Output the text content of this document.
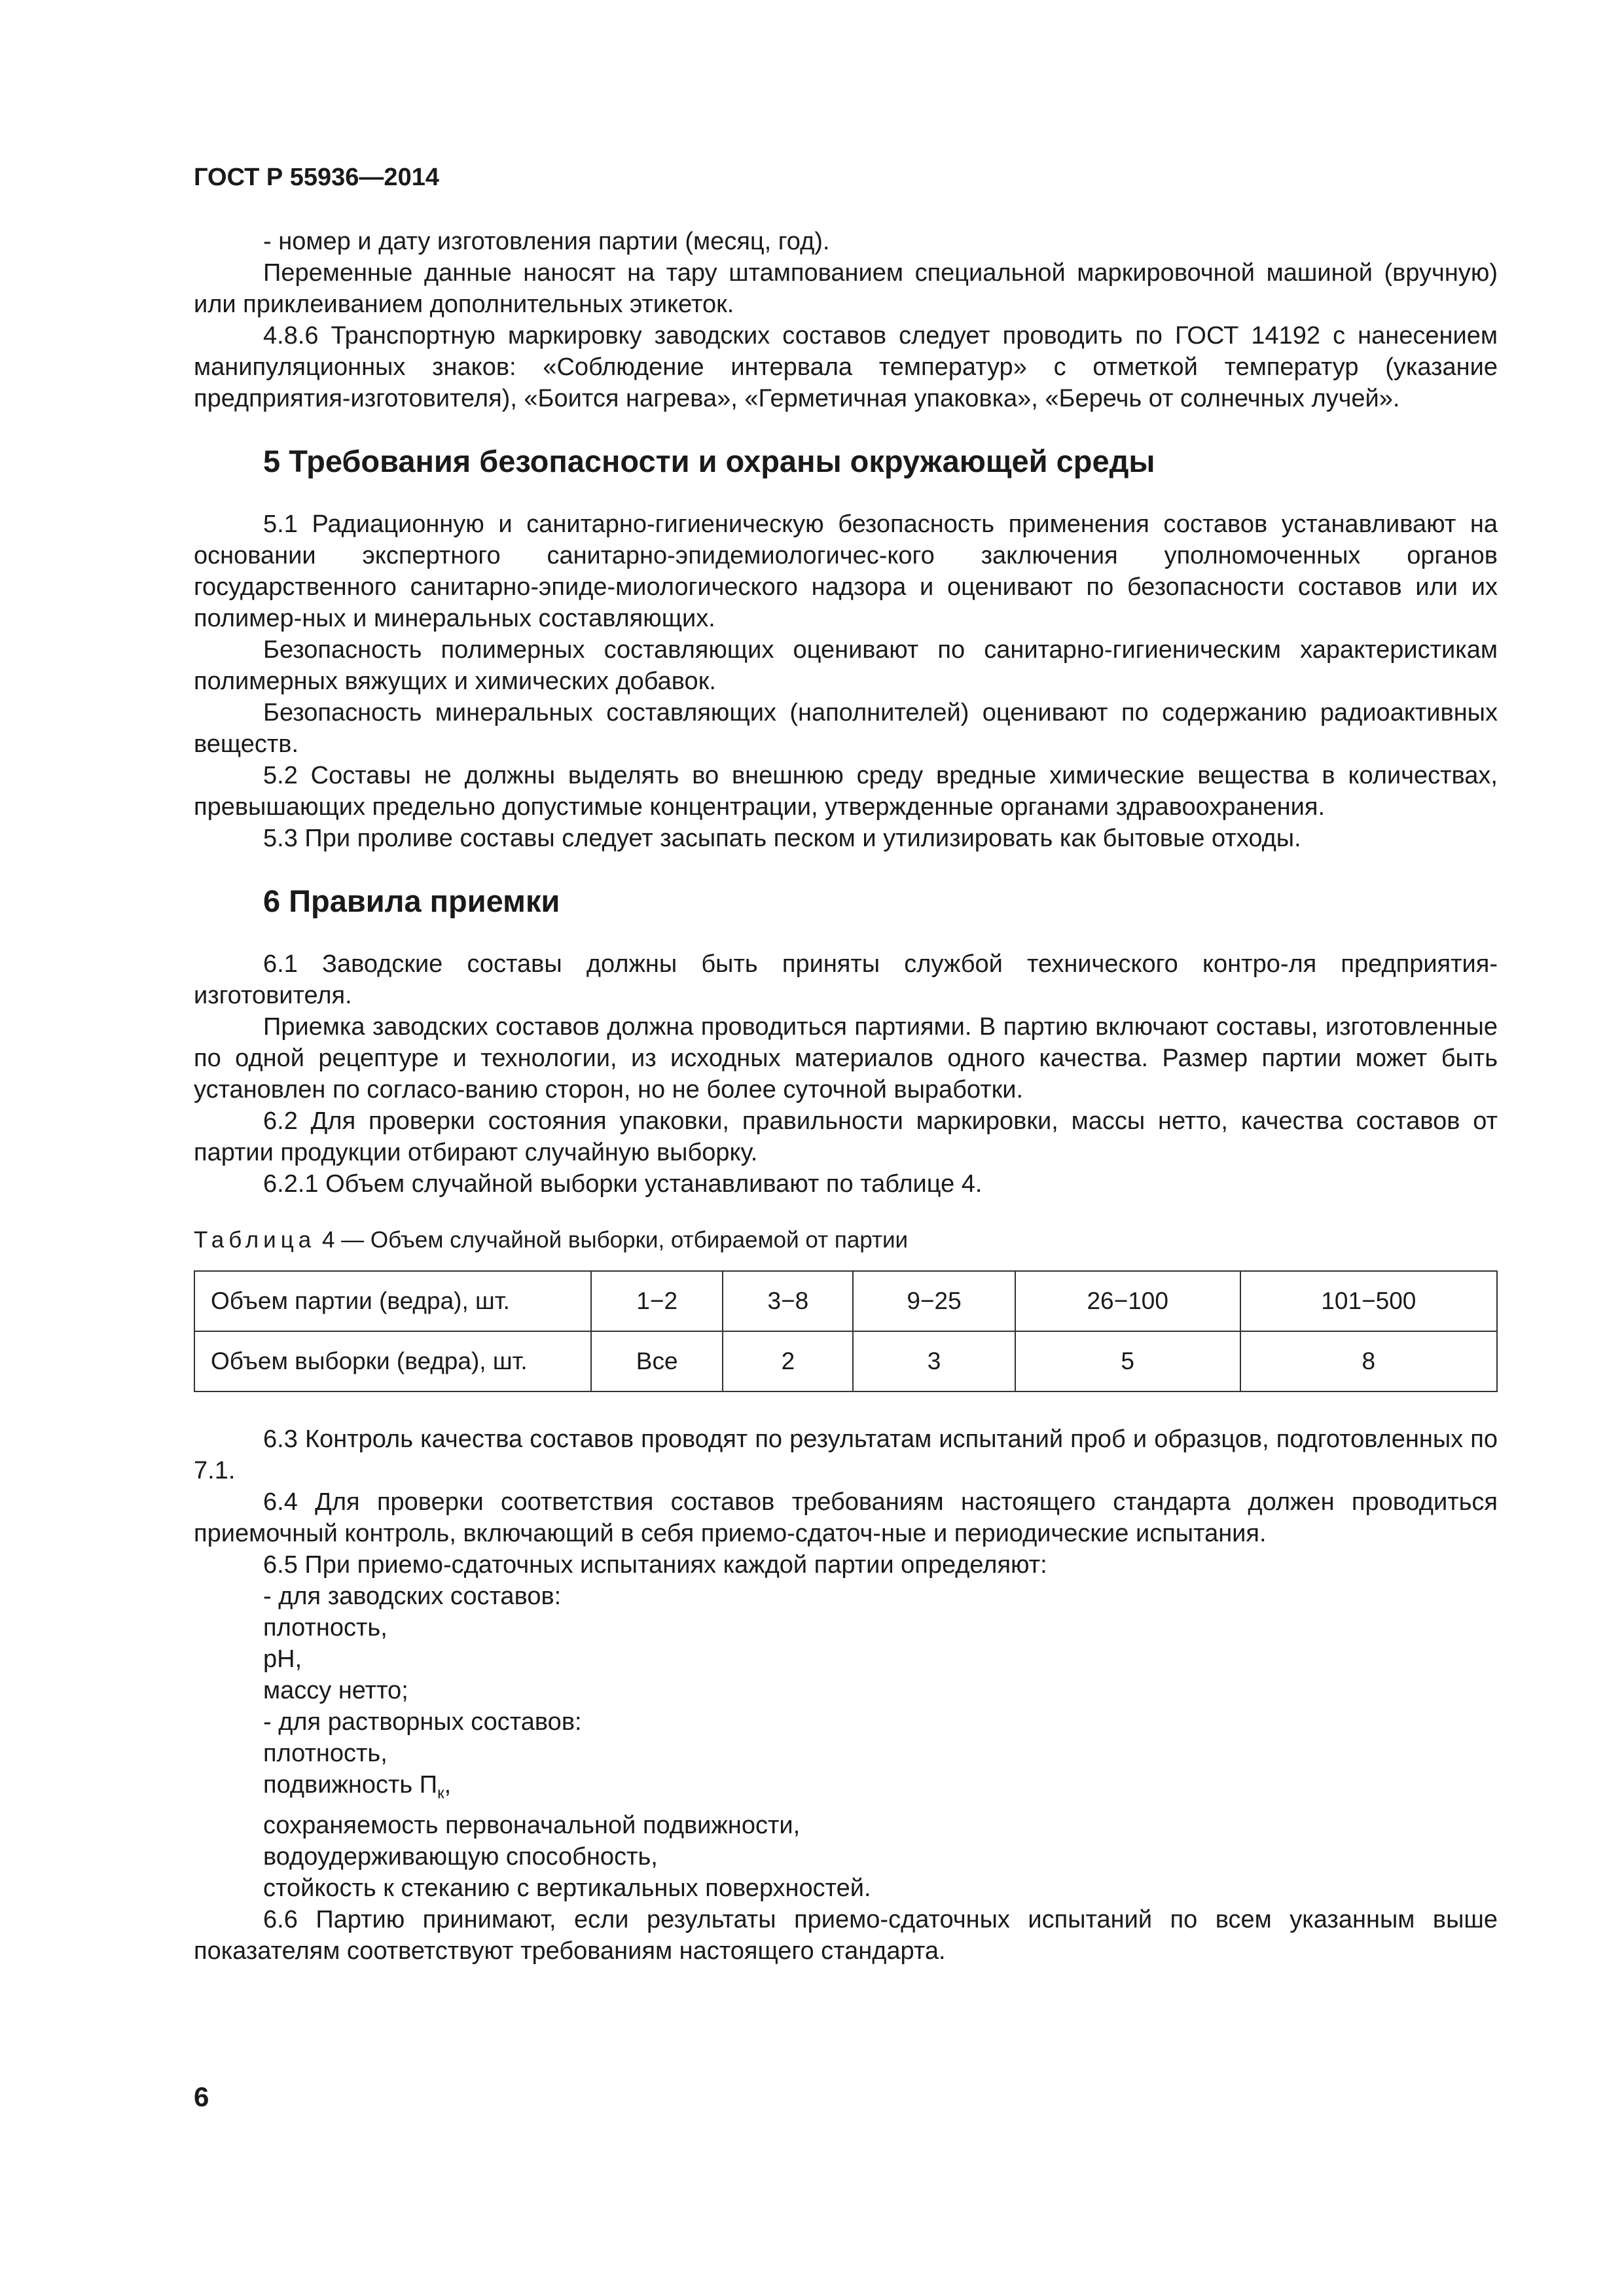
ГОСТ Р 55936—2014

- номер и дату изготовления партии (месяц, год).

Переменные данные наносят на тару штампованием специальной маркировочной машиной (вручную) или приклеиванием дополнительных этикеток.

4.8.6 Транспортную маркировку заводских составов следует проводить по ГОСТ 14192 с нанесением манипуляционных знаков: «Соблюдение интервала температур» с отметкой температур (указание предприятия-изготовителя), «Боится нагрева», «Герметичная упаковка», «Беречь от солнечных лучей».

5 Требования безопасности и охраны окружающей среды

5.1 Радиационную и санитарно-гигиеническую безопасность применения составов устанавливают на основании экспертного санитарно-эпидемиологичес-кого заключения уполномоченных органов государственного санитарно-эпиде-миологического надзора и оценивают по безопасности составов или их полимер-ных и минеральных составляющих.

Безопасность полимерных составляющих оценивают по санитарно-гигиеническим характеристикам полимерных вяжущих и химических добавок.

Безопасность минеральных составляющих (наполнителей) оценивают по содержанию радиоактивных веществ.

5.2 Составы не должны выделять во внешнюю среду вредные химические вещества в количествах, превышающих предельно допустимые концентрации, утвержденные органами здравоохранения.

5.3 При проливе составы следует засыпать песком и утилизировать как бытовые отходы.

6 Правила приемки

6.1 Заводские составы должны быть приняты службой технического контро-ля предприятия-изготовителя.

Приемка заводских составов должна проводиться партиями. В партию включают составы, изготовленные по одной рецептуре и технологии, из исходных материалов одного качества. Размер партии может быть установлен по согласо-ванию сторон, но не более суточной выработки.

6.2 Для проверки состояния упаковки, правильности маркировки, массы нетто, качества составов от партии продукции отбирают случайную выборку.

6.2.1 Объем случайной выборки устанавливают по таблице 4.

Таблица 4 — Объем случайной выборки, отбираемой от партии

Объем партии (ведра), шт.	1−2	3−8	9−25	26−100	101−500
Объем выборки (ведра), шт.	Все	2	3	5	8

6.3 Контроль качества составов проводят по результатам испытаний проб и образцов, подготовленных по 7.1.

6.4 Для проверки соответствия составов требованиям настоящего стандарта должен проводиться приемочный контроль, включающий в себя приемо-сдаточ-ные и периодические испытания.

6.5 При приемо-сдаточных испытаниях каждой партии определяют:

- для заводских составов:

плотность,

pH,

массу нетто;

- для растворных составов:

плотность,

подвижность $П_к$,

сохраняемость первоначальной подвижности,

водоудерживающую способность,

стойкость к стеканию с вертикальных поверхностей.

6.6 Партию принимают, если результаты приемо-сдаточных испытаний по всем указанным выше показателям соответствуют требованиям настоящего стандарта.

6
